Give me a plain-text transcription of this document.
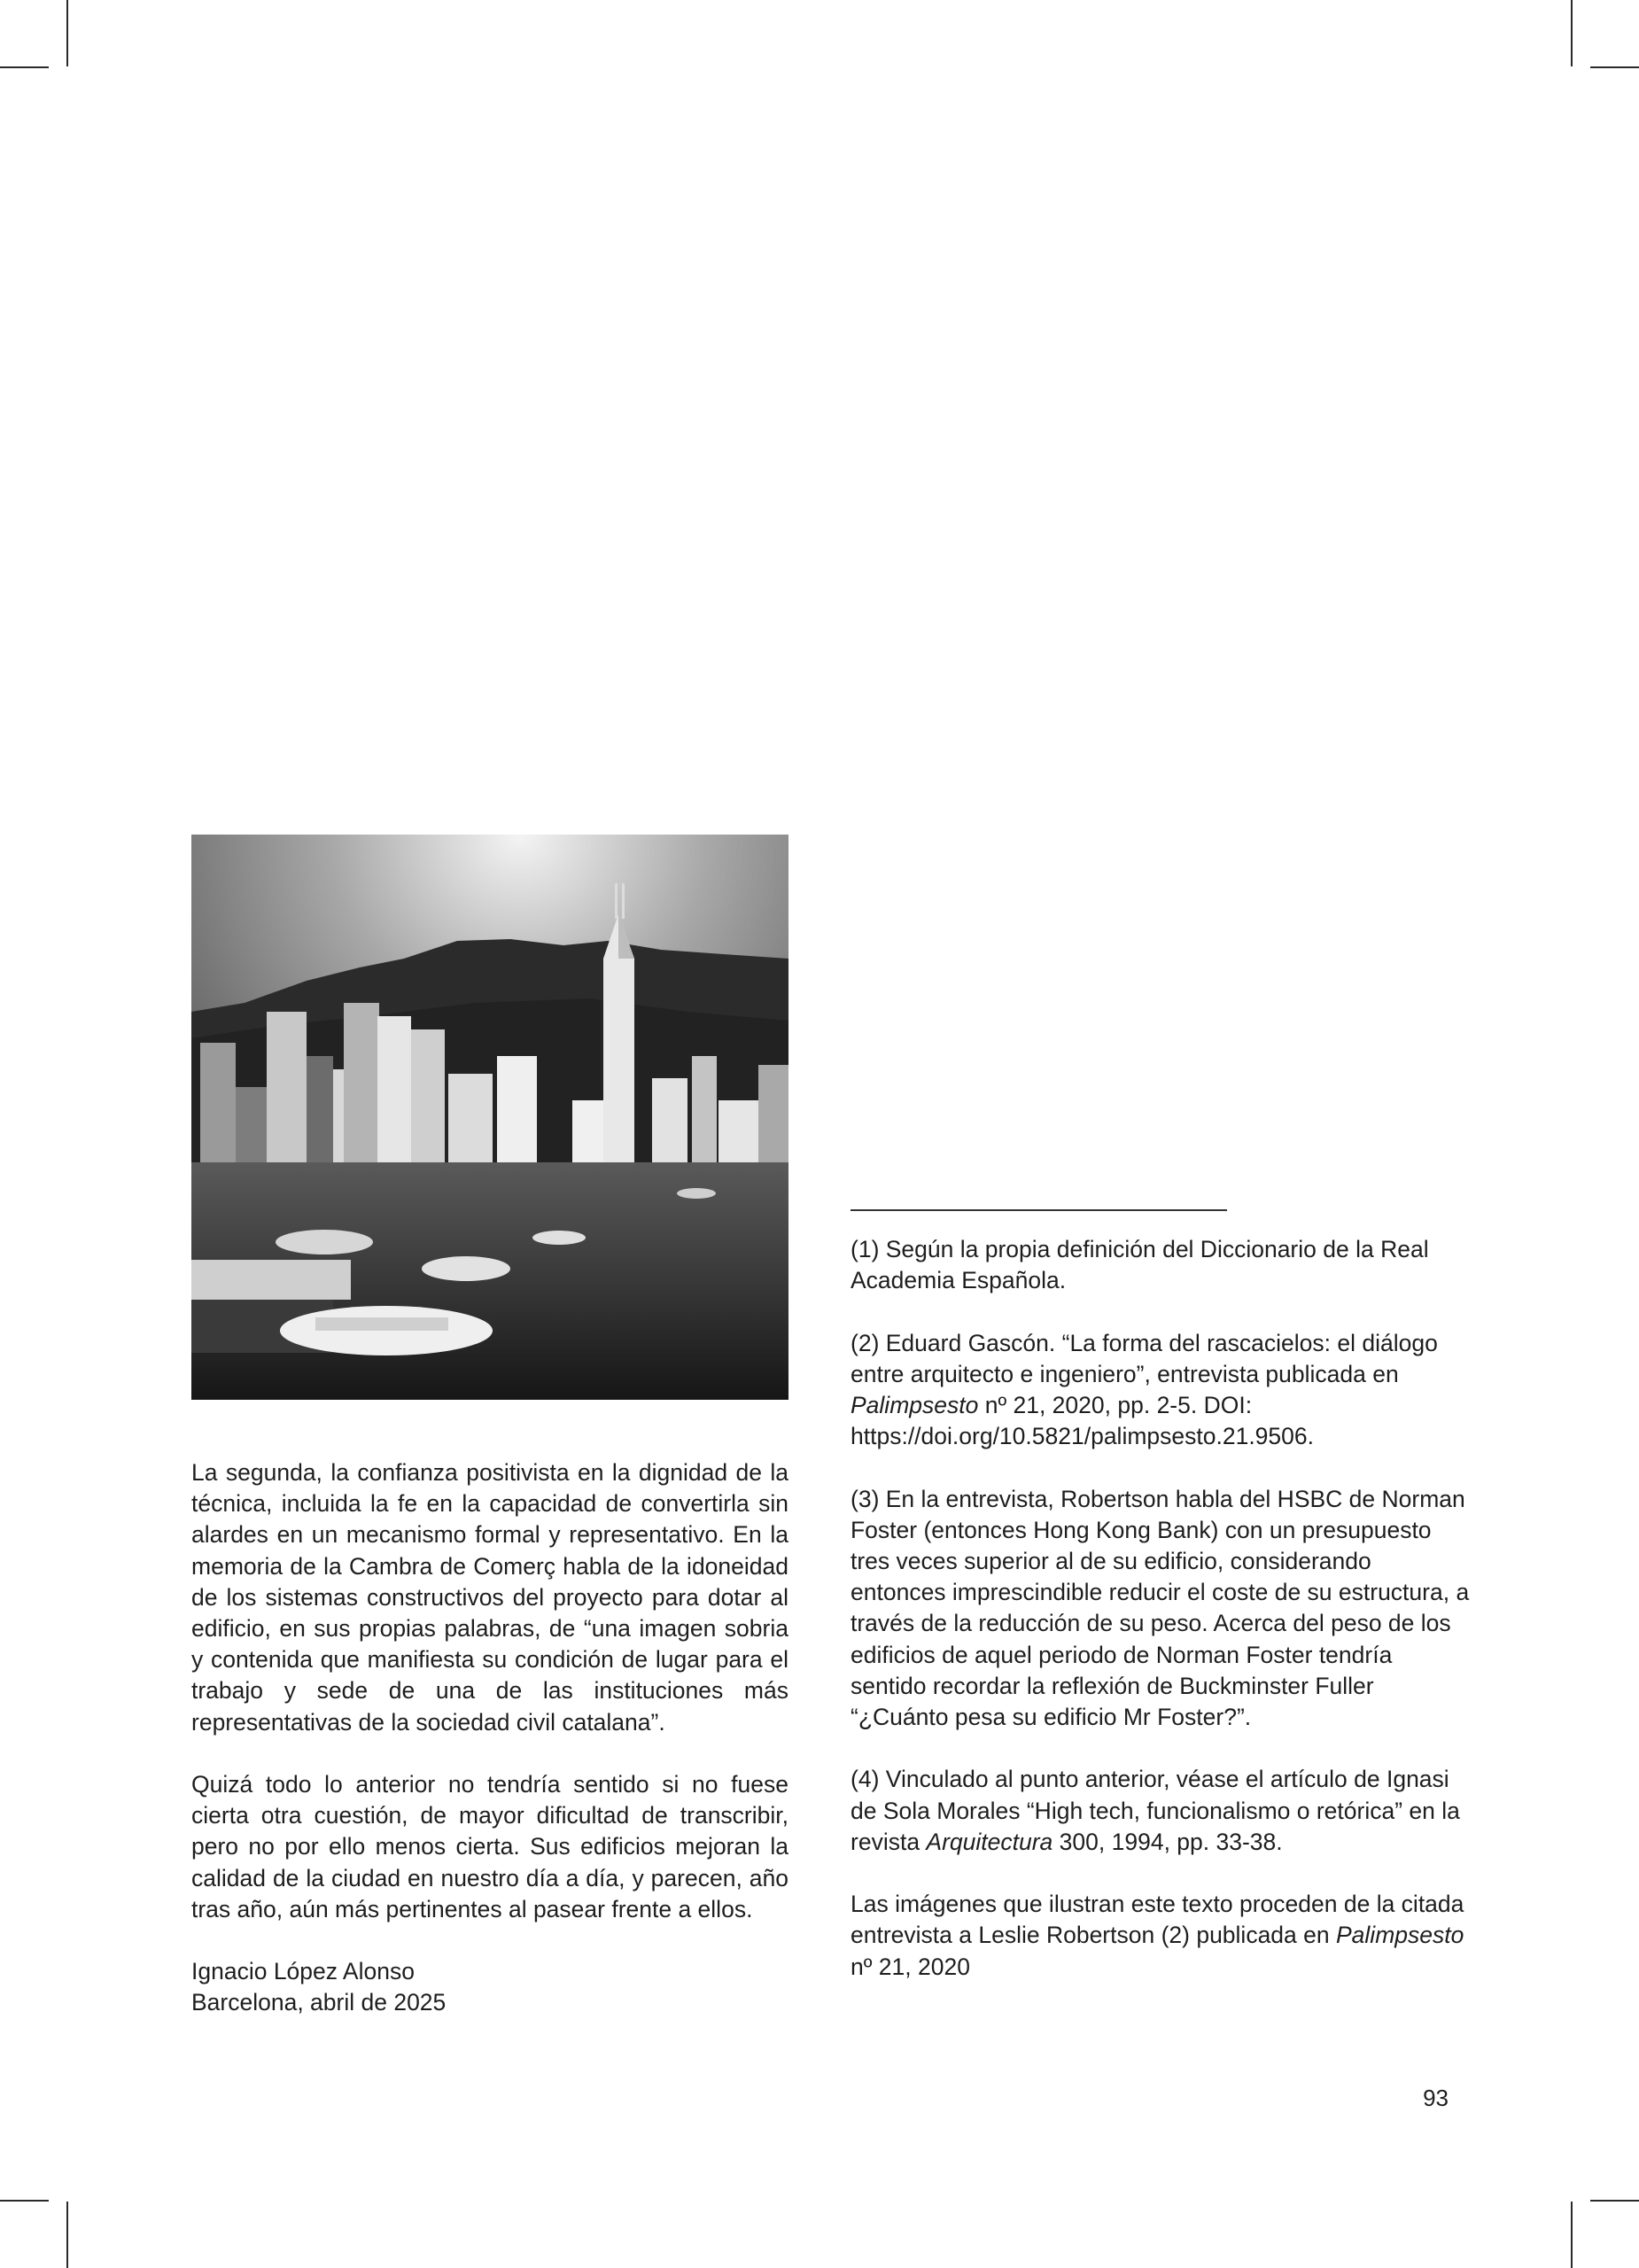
La segunda, la confianza positivista en la dignidad de la técnica, incluida la fe en la capacidad de convertirla sin alardes en un mecanismo formal y representativo. En la memoria de la Cambra de Comerç habla de la idoneidad de los sistemas constructivos del proyecto para dotar al edificio, en sus propias palabras, de “una imagen sobria y contenida que manifiesta su condición de lugar para el trabajo y sede de una de las instituciones más representativas de la sociedad civil catalana”.

Quizá todo lo anterior no tendría sentido si no fuese cierta otra cuestión, de mayor dificultad de transcribir, pero no por ello menos cierta. Sus edificios mejoran la calidad de la ciudad en nuestro día a día, y parecen, año tras año, aún más pertinentes al pasear frente a ellos.

Ignacio López Alonso
Barcelona, abril de 2025

(1) Según la propia definición del Diccionario de la Real Academia Española.

(2) Eduard Gascón. “La forma del rascacielos: el diálogo entre arquitecto e ingeniero”, entrevista publicada en Palimpsesto nº 21, 2020, pp. 2-5. DOI: https://doi.org/10.5821/palimpsesto.21.9506.

(3) En la entrevista, Robertson habla del HSBC de Norman Foster (entonces Hong Kong Bank) con un presupuesto tres veces superior al de su edificio, considerando entonces imprescindible reducir el coste de su estructura, a través de la reducción de su peso. Acerca del peso de los edificios de aquel periodo de Norman Foster tendría sentido recordar la reflexión de Buckminster Fuller “¿Cuánto pesa su edificio Mr Foster?”.

(4) Vinculado al punto anterior, véase el artículo de Ignasi de Sola Morales “High tech, funcionalismo o retórica” en la revista Arquitectura 300, 1994, pp. 33-38.

Las imágenes que ilustran este texto proceden de la citada entrevista a Leslie Robertson (2) publicada en Palimpsesto nº 21, 2020

93
